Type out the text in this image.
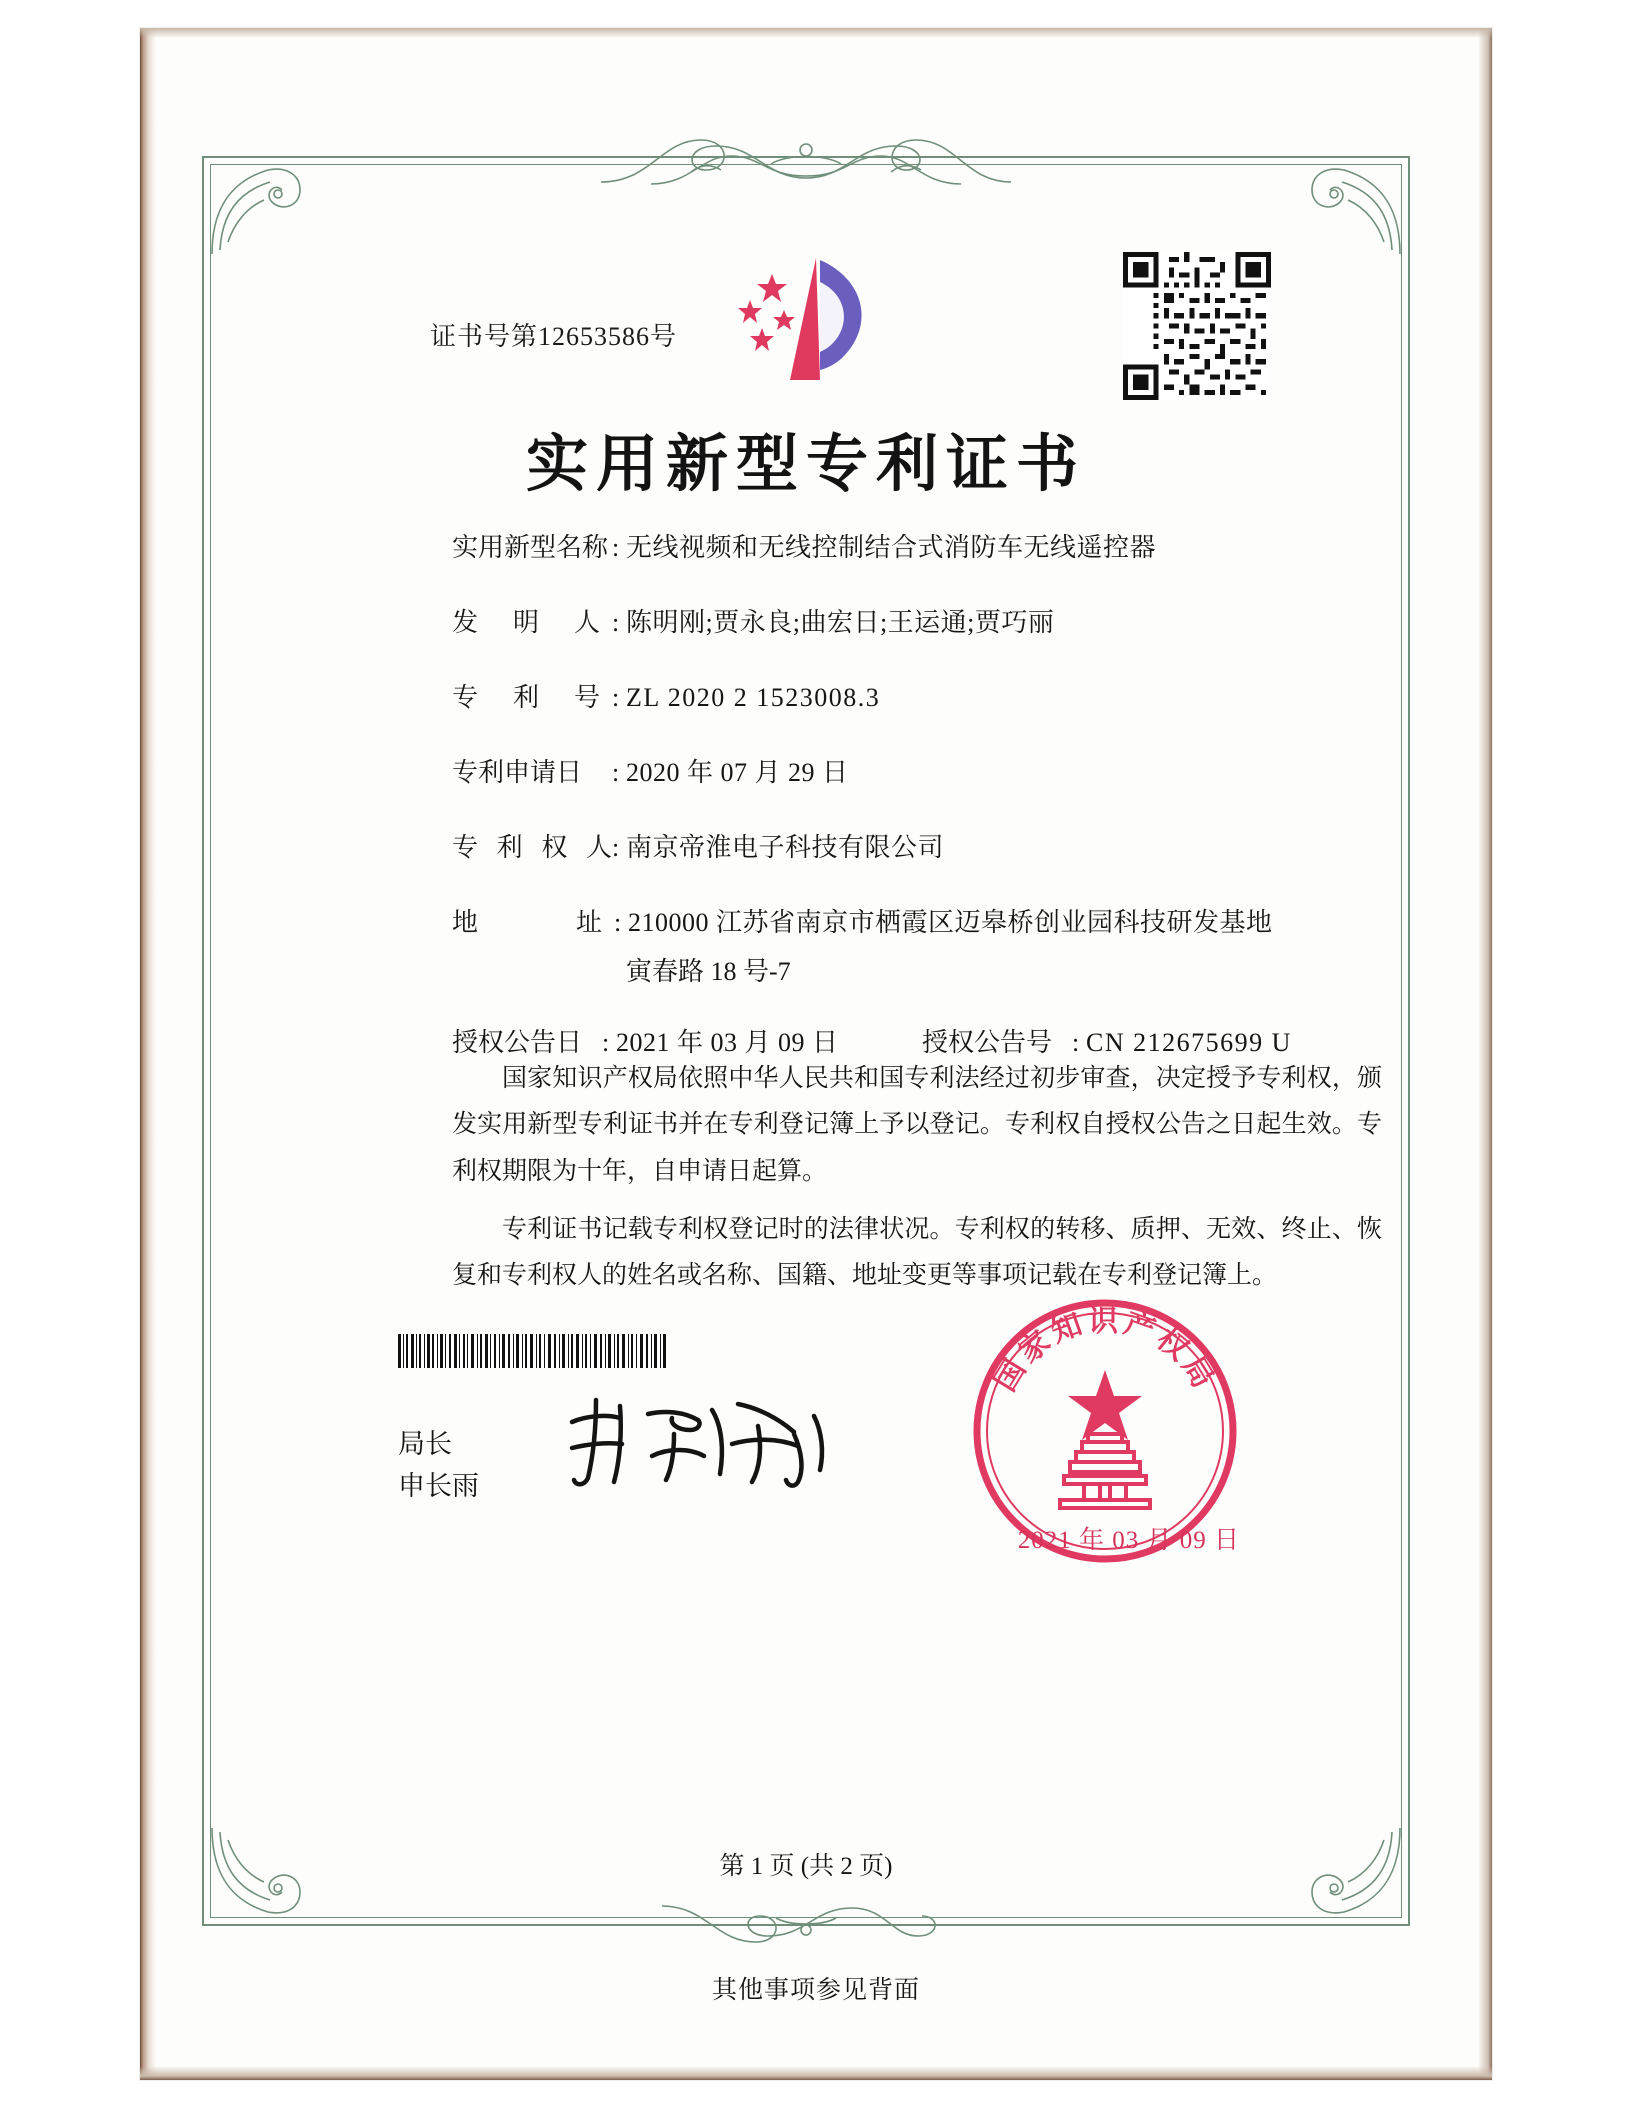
证书号第12653586号
实用新型专利证书
实用新型名称 : 无线视频和无线控制结合式消防车无线遥控器
发 明 人 : 陈明刚;贾永良;曲宏日;王运通;贾巧丽
专 利 号 : ZL 2020 2 1523008.3
专利申请日	: 2020 年 07 月 29 日
专 利 权 人 : 南京帝淮电子科技有限公司
地	址 : 210000 江苏省南京市栖霞区迈皋桥创业园科技研发基地
寅春路 18 号-7
授权公告日 : 2021 年 03 月 09 日	授权公告号 : CN 212675699 U

国家知识产权局依照中华人民共和国专利法经过初步审查，决定授予专利权，颁发实用新型专利证书并在专利登记簿上予以登记。专利权自授权公告之日起生效。专利权期限为十年，自申请日起算。

专利证书记载专利权登记时的法律状况。专利权的转移、质押、无效、终止、恢复和专利权人的姓名或名称、国籍、地址变更等事项记载在专利登记簿上。

局长
申长雨
国家知识产权局
2021 年 03 月 09 日
第 1 页 (共 2 页)
其他事项参见背面
